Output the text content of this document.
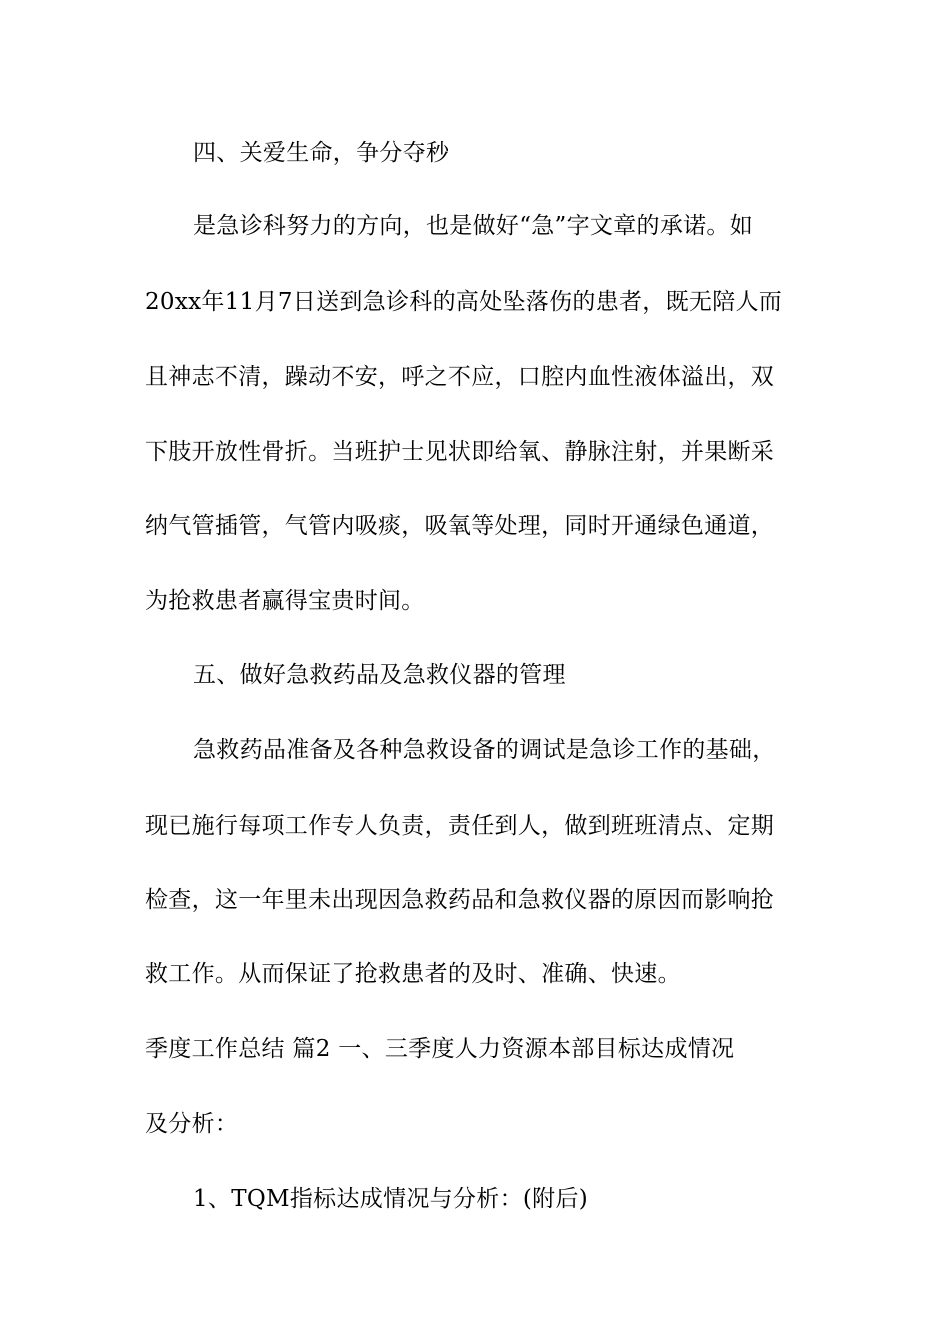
四、关爱生命，争分夺秒
是急诊科努力的方向，也是做好“急”字文章的承诺。如
20xx年11月7日送到急诊科的高处坠落伤的患者，既无陪人而
且神志不清，躁动不安，呼之不应，口腔内血性液体溢出，双
下肢开放性骨折。当班护士见状即给氧、静脉注射，并果断采
纳气管插管，气管内吸痰，吸氧等处理，同时开通绿色通道，
为抢救患者赢得宝贵时间。
五、做好急救药品及急救仪器的管理
急救药品准备及各种急救设备的调试是急诊工作的基础，
现已施行每项工作专人负责，责任到人，做到班班清点、定期
检查，这一年里未出现因急救药品和急救仪器的原因而影响抢
救工作。从而保证了抢救患者的及时、准确、快速。
季度工作总结 篇2 一、三季度人力资源本部目标达成情况
及分析：
1、TQM指标达成情况与分析：(附后)
